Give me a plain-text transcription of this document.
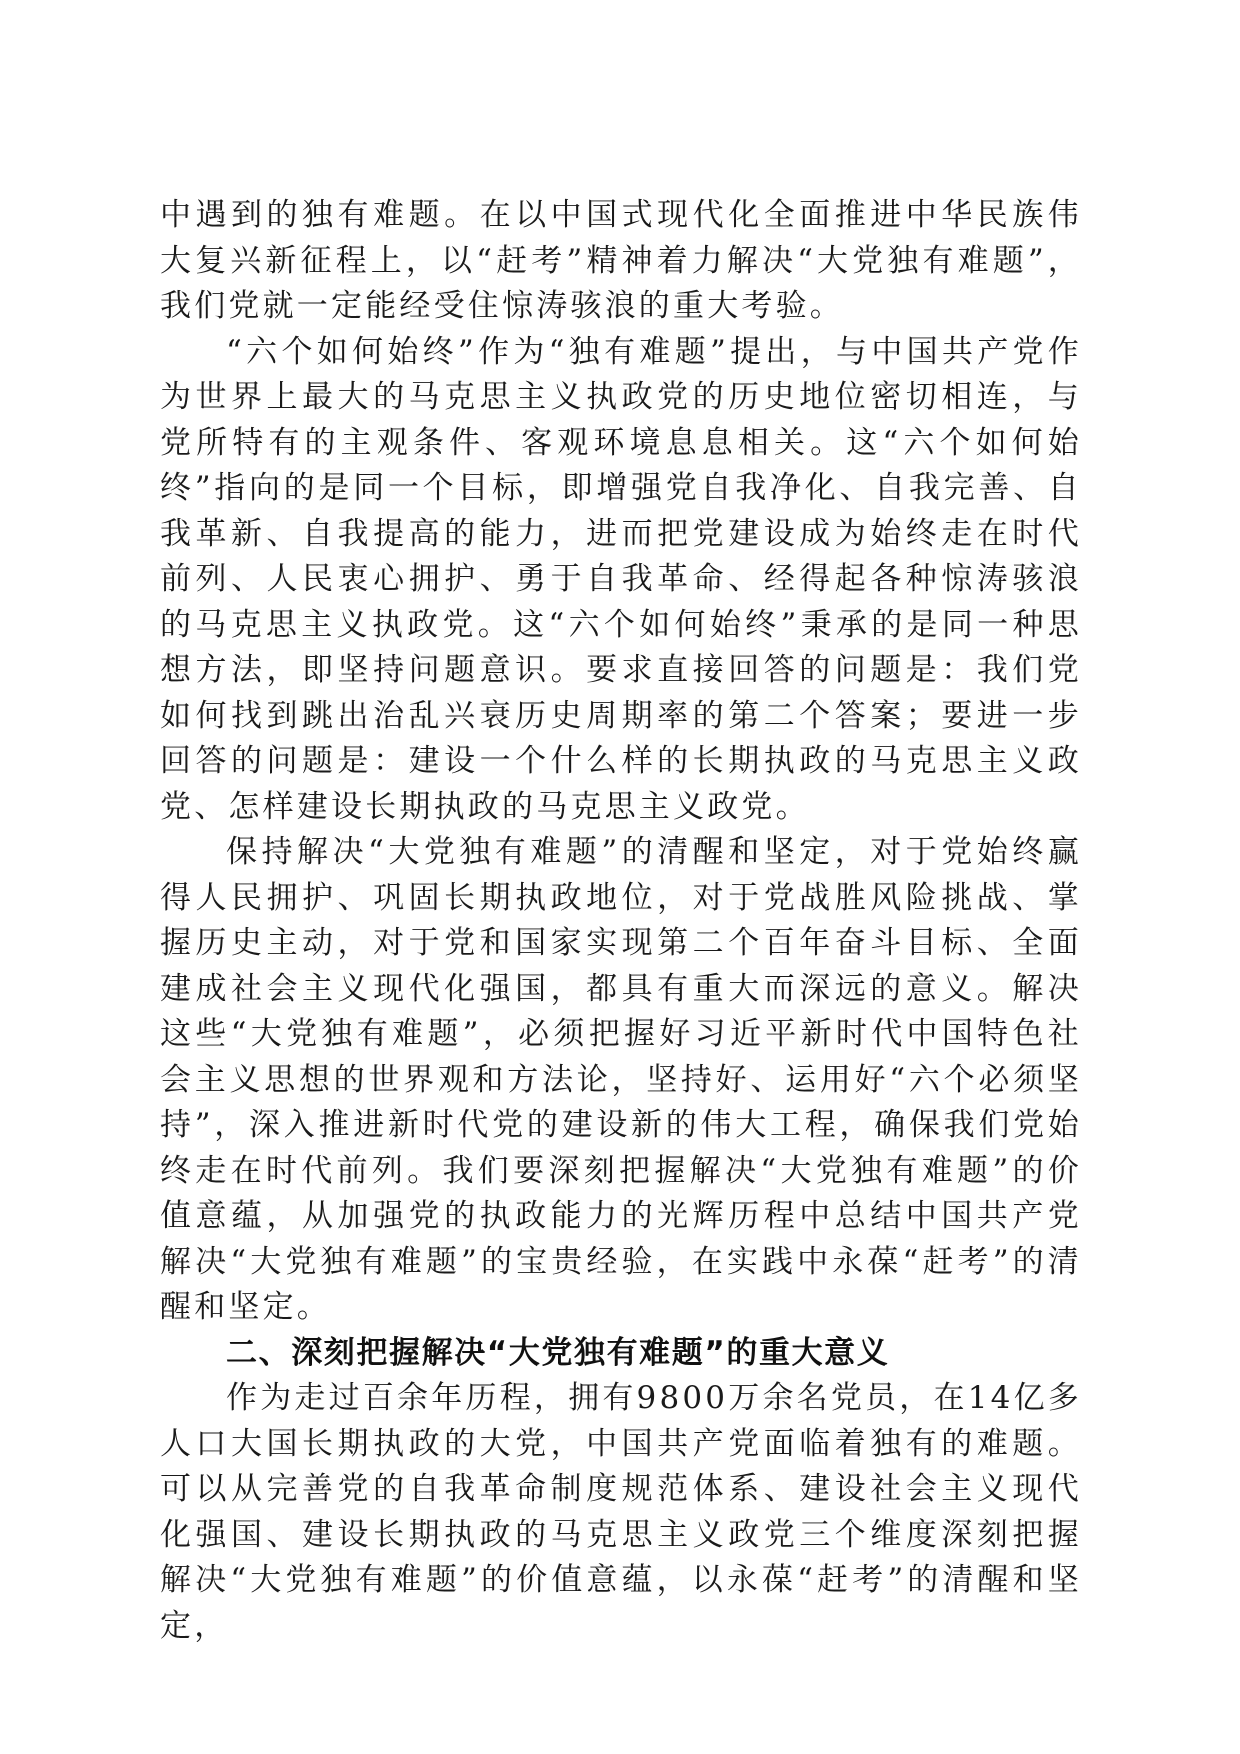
中遇到的独有难题。在以中国式现代化全面推进中华民族伟大复兴新征程上，以“赶考”精神着力解决“大党独有难题”，我们党就一定能经受住惊涛骇浪的重大考验。

“六个如何始终”作为“独有难题”提出，与中国共产党作为世界上最大的马克思主义执政党的历史地位密切相连，与党所特有的主观条件、客观环境息息相关。这“六个如何始终”指向的是同一个目标，即增强党自我净化、自我完善、自我革新、自我提高的能力，进而把党建设成为始终走在时代前列、人民衷心拥护、勇于自我革命、经得起各种惊涛骇浪的马克思主义执政党。这“六个如何始终”秉承的是同一种思想方法，即坚持问题意识。要求直接回答的问题是：我们党如何找到跳出治乱兴衰历史周期率的第二个答案；要进一步回答的问题是：建设一个什么样的长期执政的马克思主义政党、怎样建设长期执政的马克思主义政党。

保持解决“大党独有难题”的清醒和坚定，对于党始终赢得人民拥护、巩固长期执政地位，对于党战胜风险挑战、掌握历史主动，对于党和国家实现第二个百年奋斗目标、全面建成社会主义现代化强国，都具有重大而深远的意义。解决这些“大党独有难题”，必须把握好习近平新时代中国特色社会主义思想的世界观和方法论，坚持好、运用好“六个必须坚持”，深入推进新时代党的建设新的伟大工程，确保我们党始终走在时代前列。我们要深刻把握解决“大党独有难题”的价值意蕴，从加强党的执政能力的光辉历程中总结中国共产党解决“大党独有难题”的宝贵经验，在实践中永葆“赶考”的清醒和坚定。

二、深刻把握解决“大党独有难题”的重大意义

作为走过百余年历程，拥有9800万余名党员，在14亿多人口大国长期执政的大党，中国共产党面临着独有的难题。可以从完善党的自我革命制度规范体系、建设社会主义现代化强国、建设长期执政的马克思主义政党三个维度深刻把握解决“大党独有难题”的价值意蕴，以永葆“赶考”的清醒和坚定，
